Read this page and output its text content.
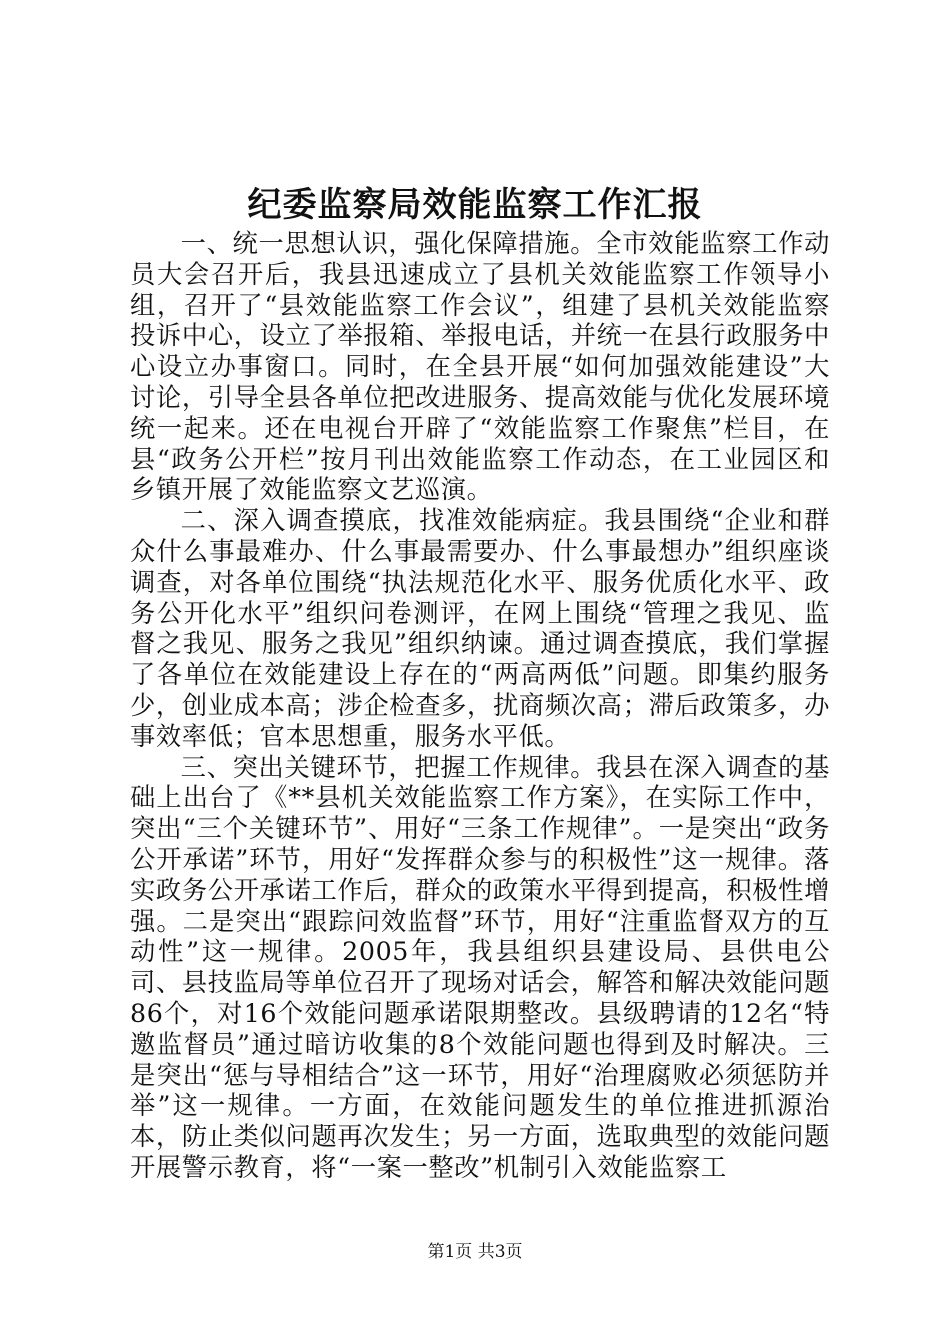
纪委监察局效能监察工作汇报

一、统一思想认识，强化保障措施。全市效能监察工作动员大会召开后，我县迅速成立了县机关效能监察工作领导小组，召开了“县效能监察工作会议”，组建了县机关效能监察投诉中心，设立了举报箱、举报电话，并统一在县行政服务中心设立办事窗口。同时，在全县开展“如何加强效能建设”大讨论，引导全县各单位把改进服务、提高效能与优化发展环境统一起来。还在电视台开辟了“效能监察工作聚焦”栏目，在县“政务公开栏”按月刊出效能监察工作动态，在工业园区和乡镇开展了效能监察文艺巡演。

二、深入调查摸底，找准效能病症。我县围绕“企业和群众什么事最难办、什么事最需要办、什么事最想办”组织座谈调查，对各单位围绕“执法规范化水平、服务优质化水平、政务公开化水平”组织问卷测评，在网上围绕“管理之我见、监督之我见、服务之我见”组织纳谏。通过调查摸底，我们掌握了各单位在效能建设上存在的“两高两低”问题。即集约服务少，创业成本高；涉企检查多，扰商频次高；滞后政策多，办事效率低；官本思想重，服务水平低。

三、突出关键环节，把握工作规律。我县在深入调查的基础上出台了《**县机关效能监察工作方案》，在实际工作中，突出“三个关键环节”、用好“三条工作规律”。一是突出“政务公开承诺”环节，用好“发挥群众参与的积极性”这一规律。落实政务公开承诺工作后，群众的政策水平得到提高，积极性增强。二是突出“跟踪问效监督”环节，用好“注重监督双方的互动性”这一规律。2005年，我县组织县建设局、县供电公司、县技监局等单位召开了现场对话会，解答和解决效能问题86个，对16个效能问题承诺限期整改。县级聘请的12名“特邀监督员”通过暗访收集的8个效能问题也得到及时解决。三是突出“惩与导相结合”这一环节，用好“治理腐败必须惩防并举”这一规律。一方面，在效能问题发生的单位推进抓源治本，防止类似问题再次发生；另一方面，选取典型的效能问题开展警示教育，将“一案一整改”机制引入效能监察工

第1页 共3页
